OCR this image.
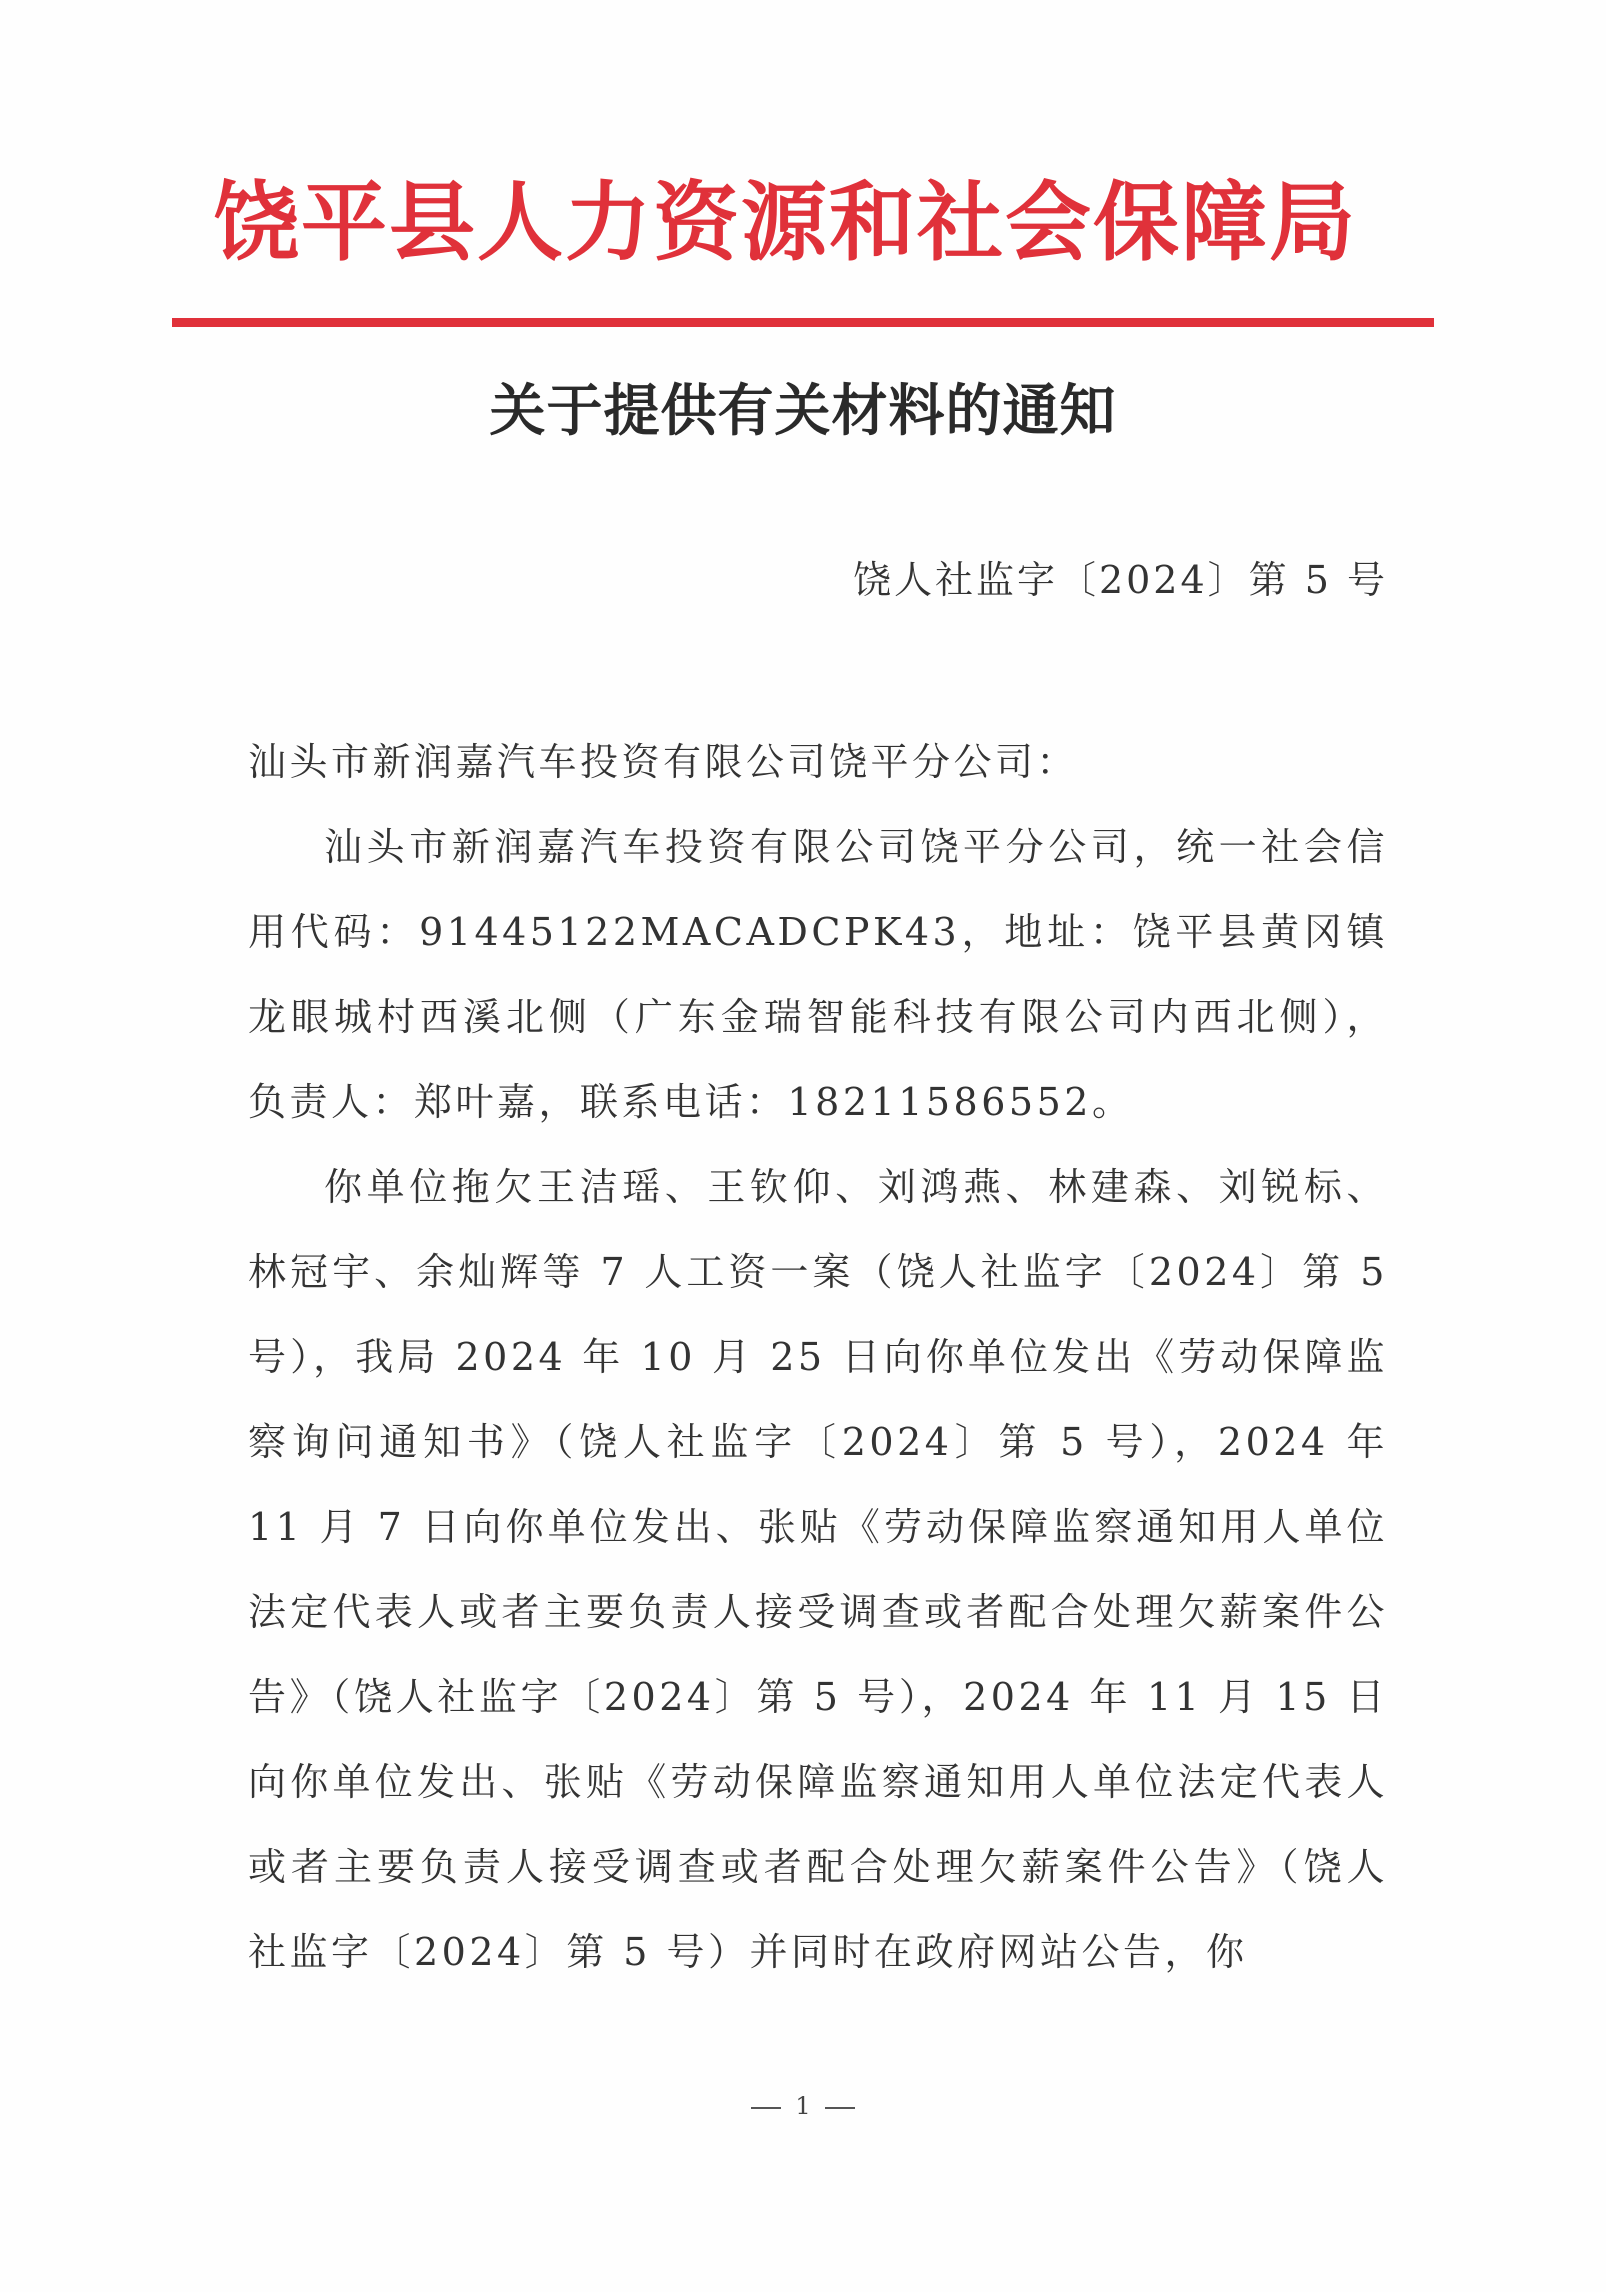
饶平县人力资源和社会保障局
关于提供有关材料的通知
饶人社监字〔2024〕第 5 号
汕头市新润嘉汽车投资有限公司饶平分公司：
汕头市新润嘉汽车投资有限公司饶平分公司，统一社会信用代码：91445122MACADCPK43，地址：饶平县黄冈镇龙眼城村西溪北侧（广东金瑞智能科技有限公司内西北侧），负责人：郑叶嘉，联系电话：18211586552。
你单位拖欠王洁瑶、王钦仰、刘鸿燕、林建森、刘锐标、林冠宇、余灿辉等 7 人工资一案（饶人社监字〔2024〕第 5 号），我局 2024 年 10 月 25 日向你单位发出《劳动保障监察询问通知书》（饶人社监字〔2024〕第 5 号），2024 年 11 月 7 日向你单位发出、张贴《劳动保障监察通知用人单位法定代表人或者主要负责人接受调查或者配合处理欠薪案件公告》（饶人社监字〔2024〕第 5 号），2024 年 11 月 15 日向你单位发出、张贴《劳动保障监察通知用人单位法定代表人或者主要负责人接受调查或者配合处理欠薪案件公告》（饶人社监字〔2024〕第 5 号）并同时在政府网站公告，你
1
